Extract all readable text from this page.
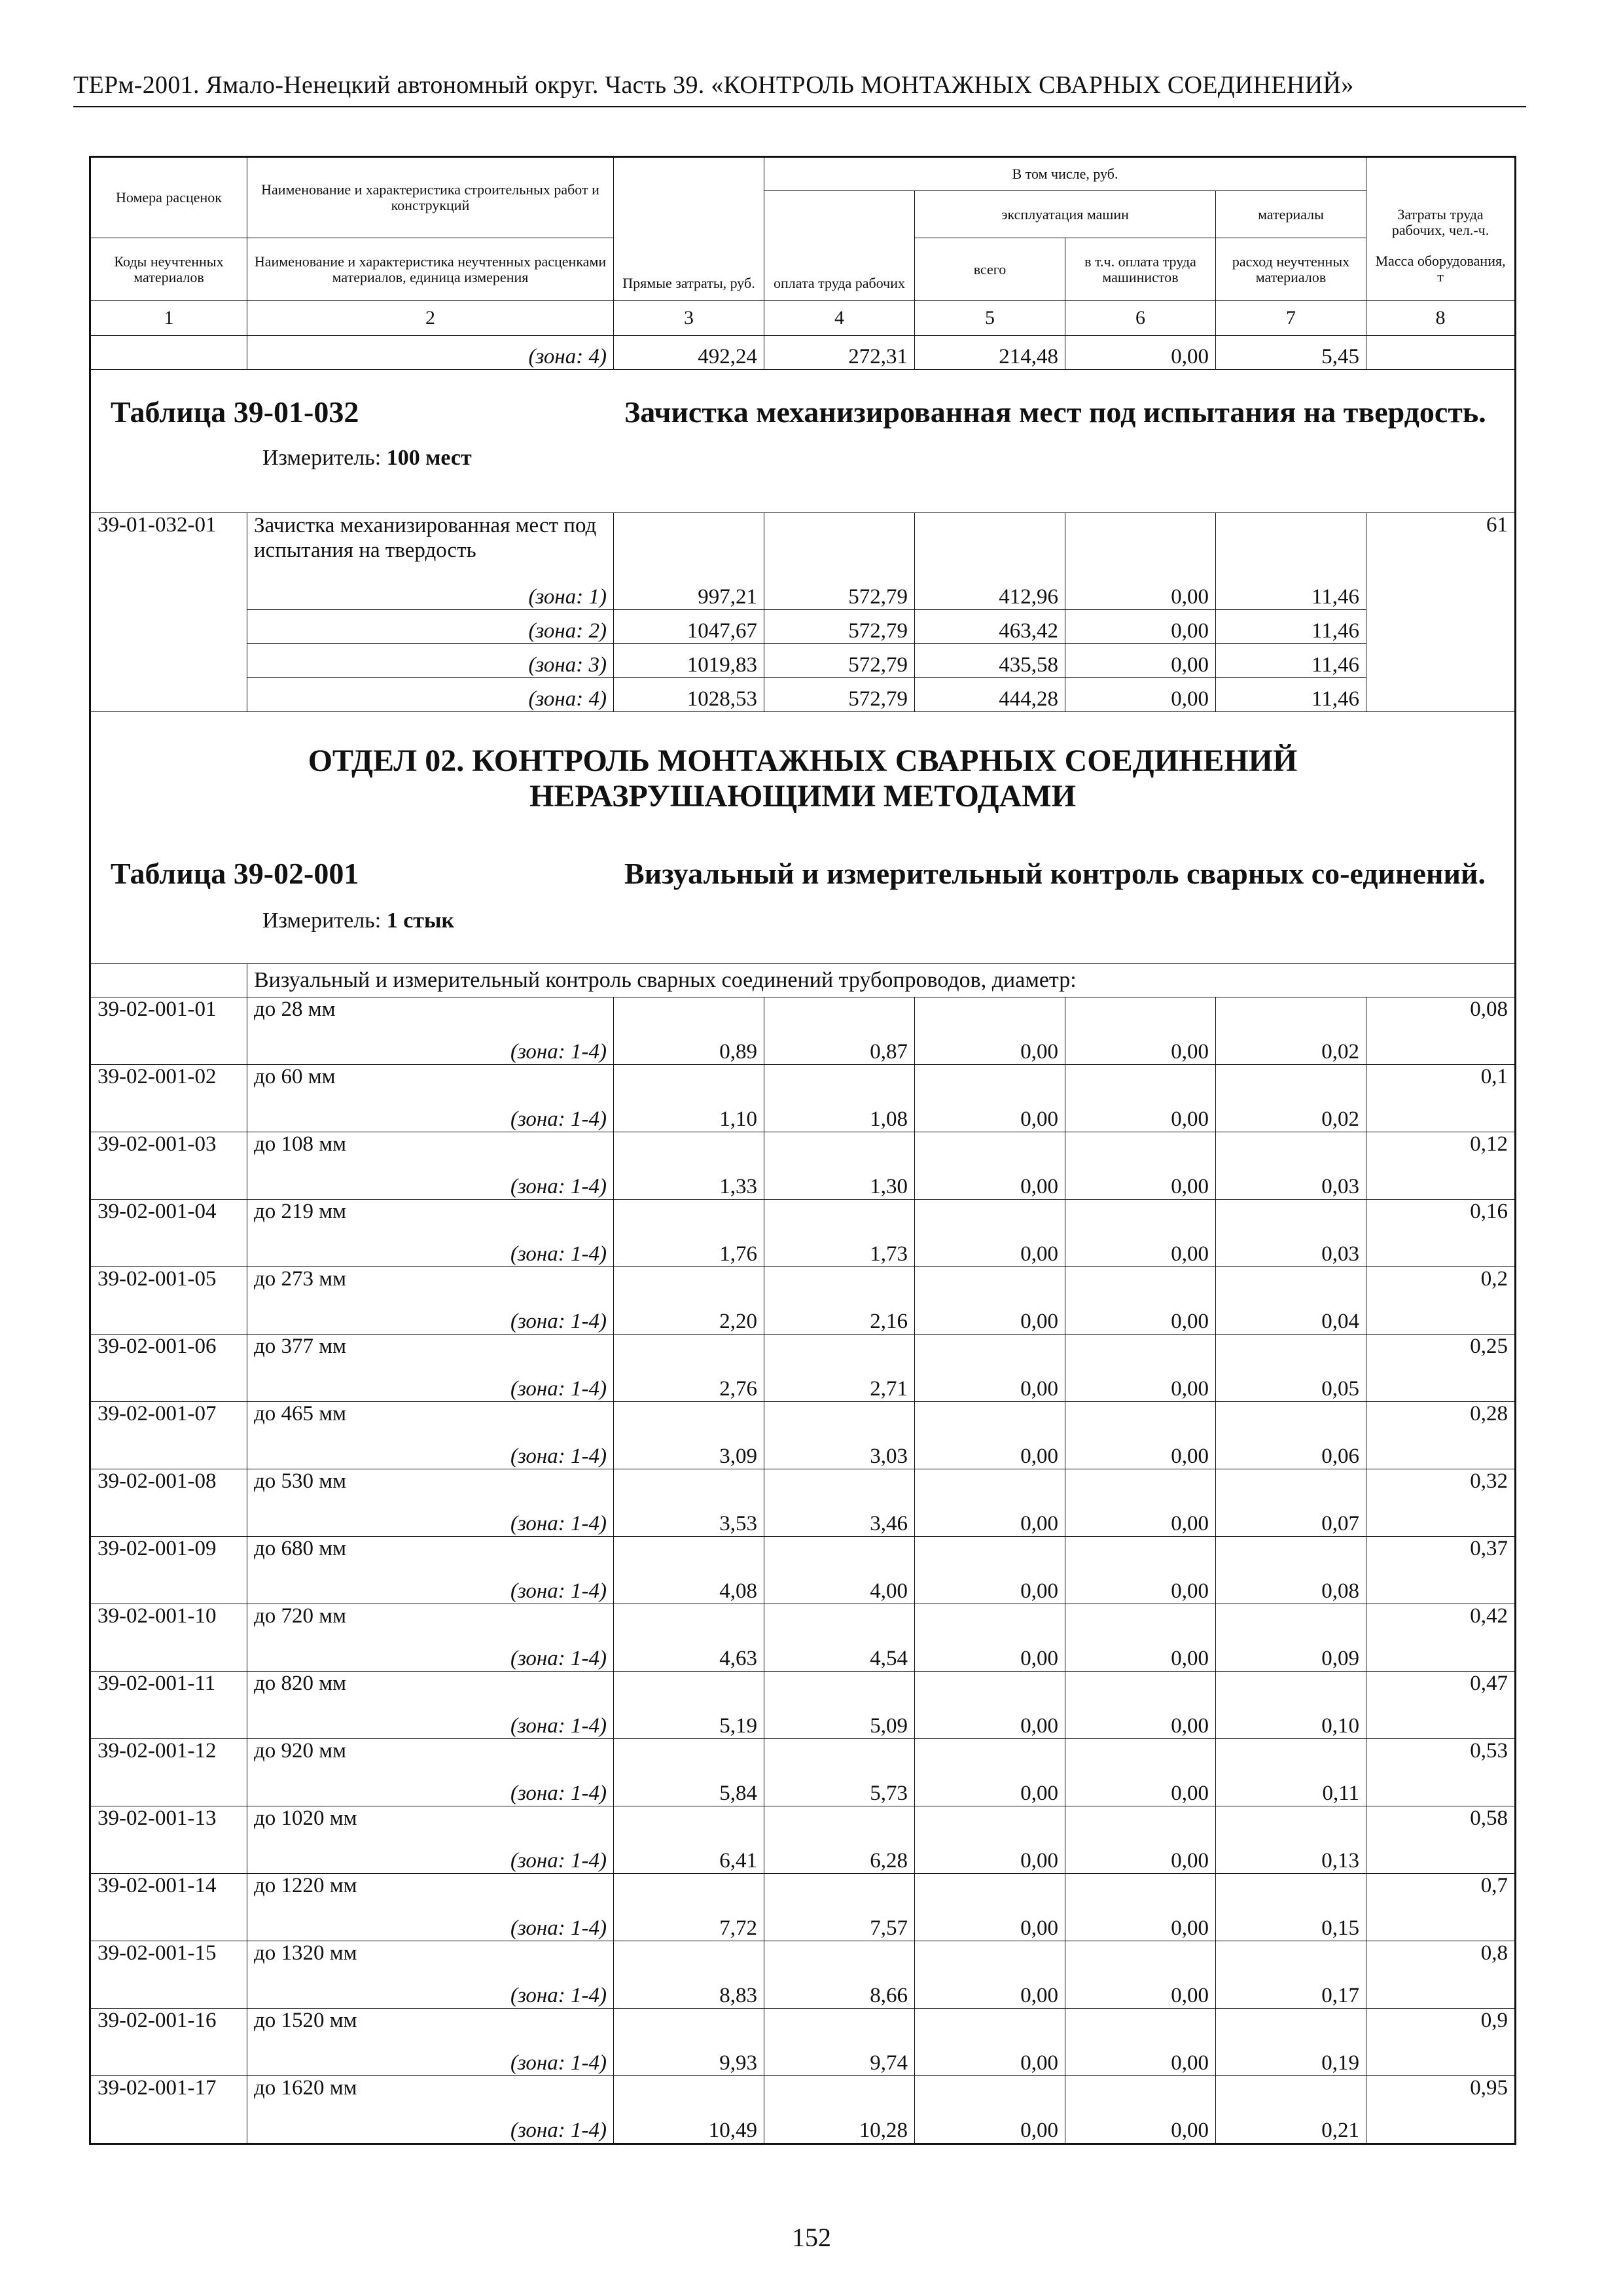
ТЕРм-2001. Ямало-Ненецкий автономный округ. Часть 39. «КОНТРОЛЬ МОНТАЖНЫХ СВАРНЫХ СОЕДИНЕНИЙ»
Номера расценок	Наименование и характеристика строительных работ и конструкций	Прямые затраты, руб.	В том числе, руб.				Затраты труда рабочих, чел.-ч.
			оплата труда рабочих	эксплуатация машин		материалы	

Коды неучтенных материалов	Наименование и характеристика неучтенных расценками материалов, единица измерения			всего	в т.ч. оплата труда машинистов	расход неучтенных материалов	Масса оборудования, т

1	2	3	4	5	6	7	8
	(зона: 4)	492,24	272,31	214,48	0,00	5,45	

Таблица 39-01-032 Зачистка механизированная мест под испытания на твердость.
Измеритель: 100 мест							

39-01-032-01	Зачистка механизированная мест под испытания на твердость						61
	(зона: 1)	997,21	572,79	412,96	0,00	11,46	
	(зона: 2)	1047,67	572,79	463,42	0,00	11,46	
	(зона: 3)	1019,83	572,79	435,58	0,00	11,46	
	(зона: 4)	1028,53	572,79	444,28	0,00	11,46	

ОТДЕЛ 02. КОНТРОЛЬ МОНТАЖНЫХ СВАРНЫХ СОЕДИНЕНИЙ
НЕРАЗРУШАЮЩИМИ МЕТОДАМИ
Таблица 39-02-001 Визуальный и измерительный контроль сварных со-единений.
Измеритель: 1 стык							

	Визуальный и измерительный контроль сварных соединений трубопроводов, диаметр:						
39-02-001-01	до 28 мм						0,08
	(зона: 1-4)	0,89	0,87	0,00	0,00	0,02	
39-02-001-02	до 60 мм						0,1
	(зона: 1-4)	1,10	1,08	0,00	0,00	0,02	
39-02-001-03	до 108 мм						0,12
	(зона: 1-4)	1,33	1,30	0,00	0,00	0,03	
39-02-001-04	до 219 мм						0,16
	(зона: 1-4)	1,76	1,73	0,00	0,00	0,03	
39-02-001-05	до 273 мм						0,2
	(зона: 1-4)	2,20	2,16	0,00	0,00	0,04	
39-02-001-06	до 377 мм						0,25
	(зона: 1-4)	2,76	2,71	0,00	0,00	0,05	
39-02-001-07	до 465 мм						0,28
	(зона: 1-4)	3,09	3,03	0,00	0,00	0,06	
39-02-001-08	до 530 мм						0,32
	(зона: 1-4)	3,53	3,46	0,00	0,00	0,07	
39-02-001-09	до 680 мм						0,37
	(зона: 1-4)	4,08	4,00	0,00	0,00	0,08	
39-02-001-10	до 720 мм						0,42
	(зона: 1-4)	4,63	4,54	0,00	0,00	0,09	
39-02-001-11	до 820 мм						0,47
	(зона: 1-4)	5,19	5,09	0,00	0,00	0,10	
39-02-001-12	до 920 мм						0,53
	(зона: 1-4)	5,84	5,73	0,00	0,00	0,11	
39-02-001-13	до 1020 мм						0,58
	(зона: 1-4)	6,41	6,28	0,00	0,00	0,13	
39-02-001-14	до 1220 мм						0,7
	(зона: 1-4)	7,72	7,57	0,00	0,00	0,15	
39-02-001-15	до 1320 мм						0,8
	(зона: 1-4)	8,83	8,66	0,00	0,00	0,17	
39-02-001-16	до 1520 мм						0,9
	(зона: 1-4)	9,93	9,74	0,00	0,00	0,19	
39-02-001-17	до 1620 мм						0,95
	(зона: 1-4)	10,49	10,28	0,00	0,00	0,21	
152
